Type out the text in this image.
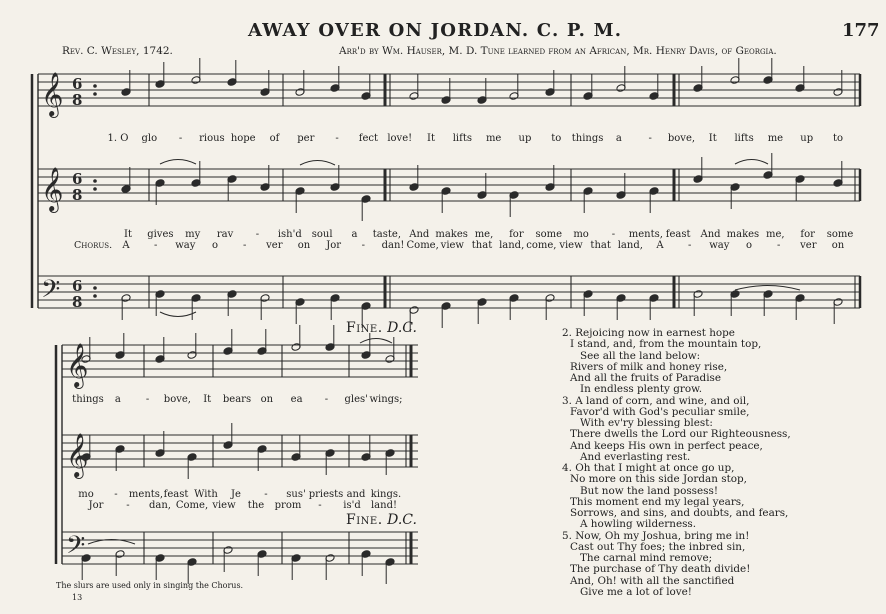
AWAY OVER ON JORDAN. C. P. M.	177
Rev. C. Wesley, 1742.	Arr'd by Wm. Hauser, M. D. Tune learned from an African, Mr. Henry Davis, of Georgia.
𝄞 6
8
𝄞 6
8
𝄢 6
8
𝄞
𝄞
𝄢
1. O glo - rious hope of per - fect love! It lifts me up to things a	- bove, It lifts me up to
It gives my rav - ish'd soul a taste, And makes me, for some mo - ments, feast And makes me, for some
A - way o - ver on Jor - dan! Come, view that land, come, view that land, A - way o - ver on
Chorus.
Fine. D.C.
Fine. D.C.
things a	- bove, It bears on ea - gles' wings;
mo - ments, feast With Je - sus' priests and kings.
Jor - dan, Come, view the prom - is'd land!
2. Rejoicing now in earnest hope
I stand, and, from the mountain top,
See all the land below:
Rivers of milk and honey rise,
And all the fruits of Paradise
In endless plenty grow.
3. A land of corn, and wine, and oil,
Favor'd with God's peculiar smile,
With ev'ry blessing blest:
There dwells the Lord our Righteousness,
And keeps His own in perfect peace,
And everlasting rest.
4. Oh that I might at once go up,
No more on this side Jordan stop,
But now the land possess!
This moment end my legal years,
Sorrows, and sins, and doubts, and fears,
A howling wilderness.
5. Now, Oh my Joshua, bring me in!
Cast out Thy foes; the inbred sin,
The carnal mind remove;
The purchase of Thy death divide!
And, Oh! with all the sanctified
Give me a lot of love!
The slurs are used only in singing the Chorus.
13
